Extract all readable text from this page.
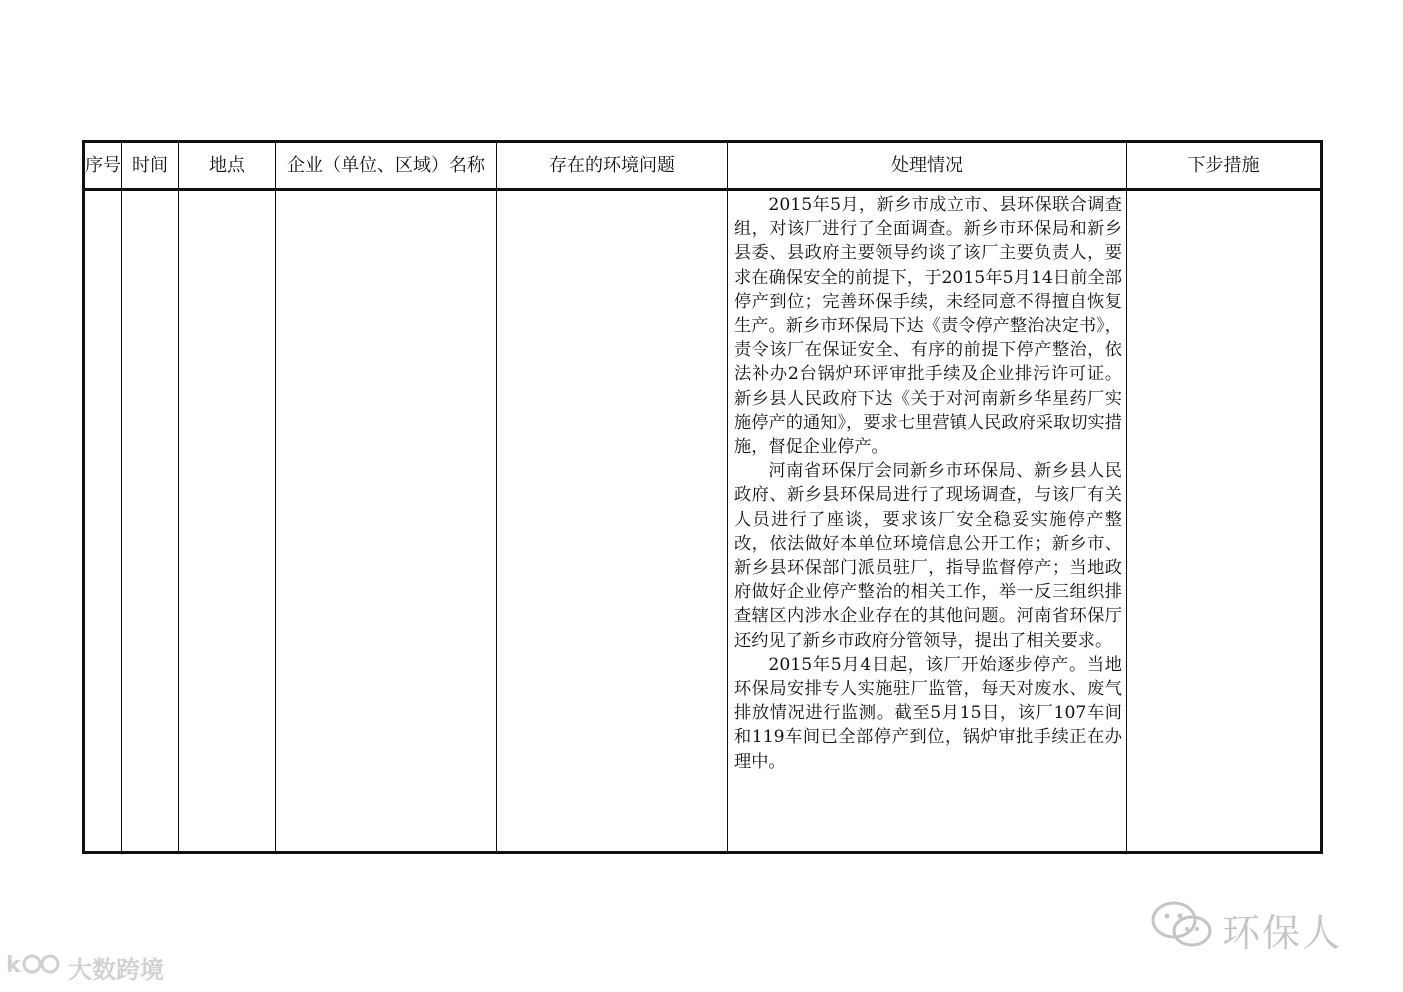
序号	时间	地点	企业（单位、区域）名称	存在的环境问题	处理情况	下步措施

					2015年5月，新乡市成立市、县环保联合调查组，对该厂进行了全面调查。新乡市环保局和新乡县委、县政府主要领导约谈了该厂主要负责人，要求在确保安全的前提下，于2015年5月14日前全部停产到位；完善环保手续，未经同意不得擅自恢复生产。新乡市环保局下达《责令停产整治决定书》，责令该厂在保证安全、有序的前提下停产整治，依法补办2台锅炉环评审批手续及企业排污许可证。新乡县人民政府下达《关于对河南新乡华星药厂实施停产的通知》，要求七里营镇人民政府采取切实措施，督促企业停产。

河南省环保厅会同新乡市环保局、新乡县人民政府、新乡县环保局进行了现场调查，与该厂有关人员进行了座谈，要求该厂安全稳妥实施停产整改，依法做好本单位环境信息公开工作；新乡市、新乡县环保部门派员驻厂，指导监督停产；当地政府做好企业停产整治的相关工作，举一反三组织排查辖区内涉水企业存在的其他问题。河南省环保厅还约见了新乡市政府分管领导，提出了相关要求。

2015年5月4日起，该厂开始逐步停产。当地环保局安排专人实施驻厂监管，每天对废水、废气排放情况进行监测。截至5月15日，该厂107车间和119车间已全部停产到位，锅炉审批手续正在办理中。	

环保人
k 大数跨境
